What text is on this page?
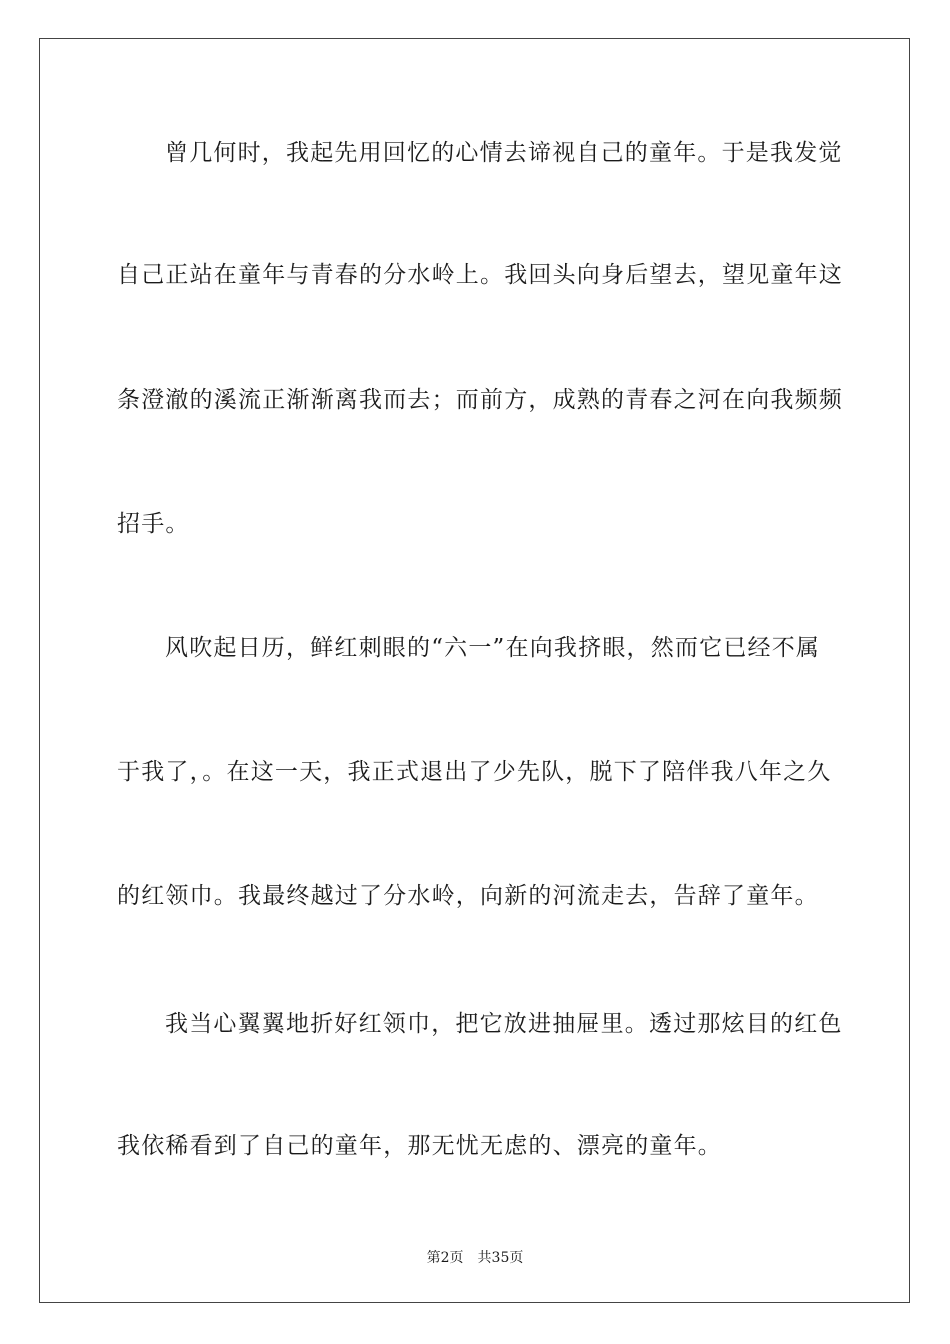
曾几何时，我起先用回忆的心情去谛视自己的童年。于是我发觉
自己正站在童年与青春的分水岭上。我回头向身后望去，望见童年这
条澄澈的溪流正渐渐离我而去；而前方，成熟的青春之河在向我频频
招手。
风吹起日历，鲜红刺眼的“六一”在向我挤眼，然而它已经不属
于我了，。在这一天，我正式退出了少先队，脱下了陪伴我八年之久
的红领巾。我最终越过了分水岭，向新的河流走去，告辞了童年。
我当心翼翼地折好红领巾，把它放进抽屉里。透过那炫目的红色
我依稀看到了自己的童年，那无忧无虑的、漂亮的童年。
第2页 共35页
